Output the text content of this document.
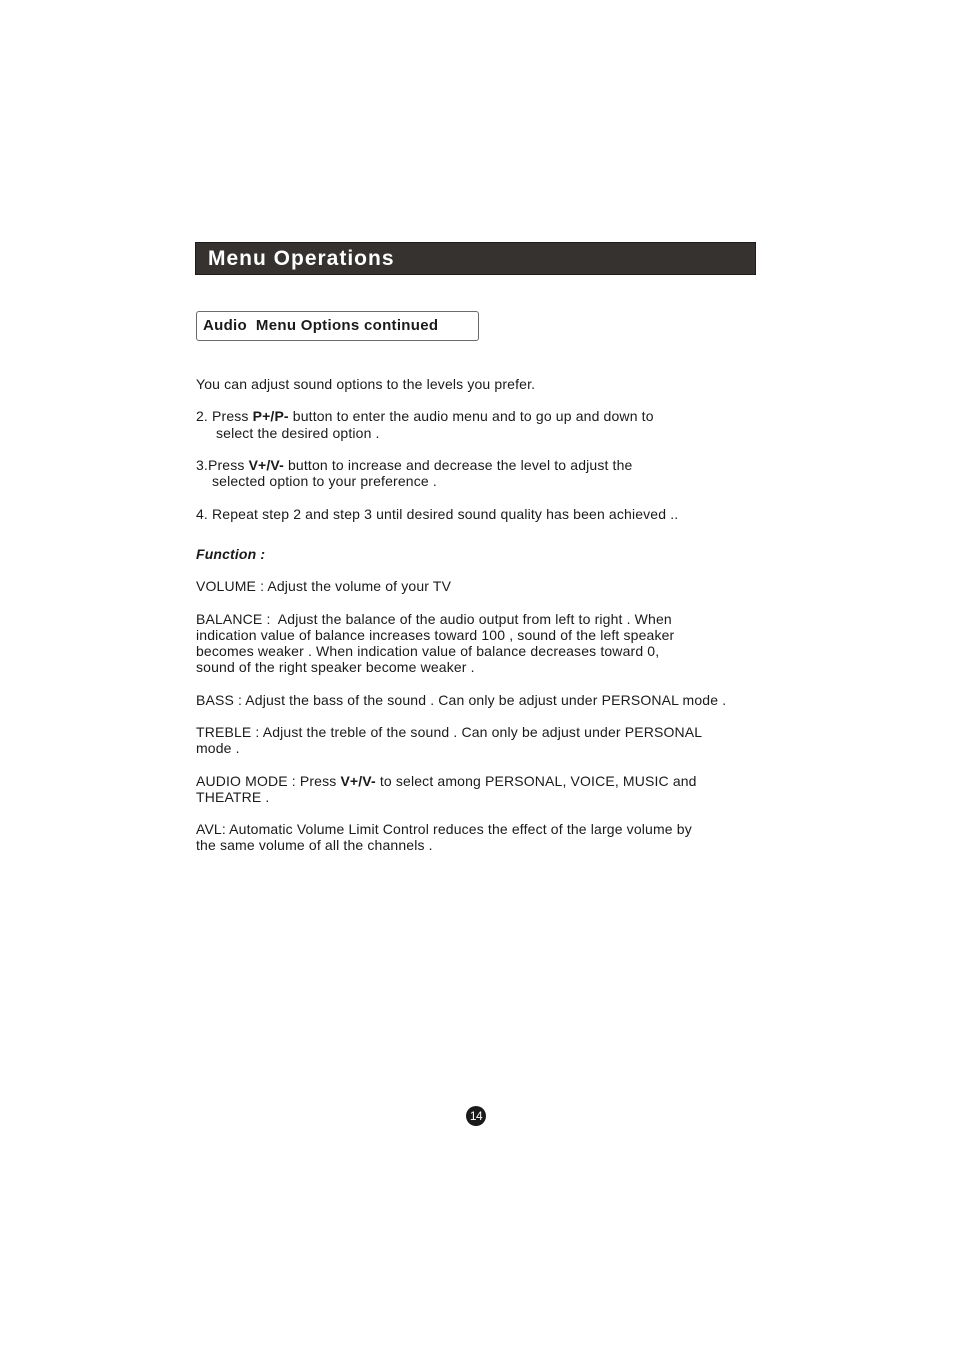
Menu Operations
Audio  Menu Options continued

You can adjust sound options to the levels you prefer.

2. Press P+/P- button to enter the audio menu and to go up and down to

select the desired option .

3.Press V+/V- button to increase and decrease the level to adjust the

selected option to your preference .

4. Repeat step 2 and step 3 until desired sound quality has been achieved ..

Function :

VOLUME : Adjust the volume of your TV

BALANCE :  Adjust the balance of the audio output from left to right . When

indication value of balance increases toward 100 , sound of the left speaker

becomes weaker . When indication value of balance decreases toward 0,

sound of the right speaker become weaker .

BASS : Adjust the bass of the sound . Can only be adjust under PERSONAL mode .

TREBLE : Adjust the treble of the sound . Can only be adjust under PERSONAL

mode .

AUDIO MODE : Press V+/V- to select among PERSONAL, VOICE, MUSIC and

THEATRE .

AVL: Automatic Volume Limit Control reduces the effect of the large volume by

the same volume of all the channels .

14
